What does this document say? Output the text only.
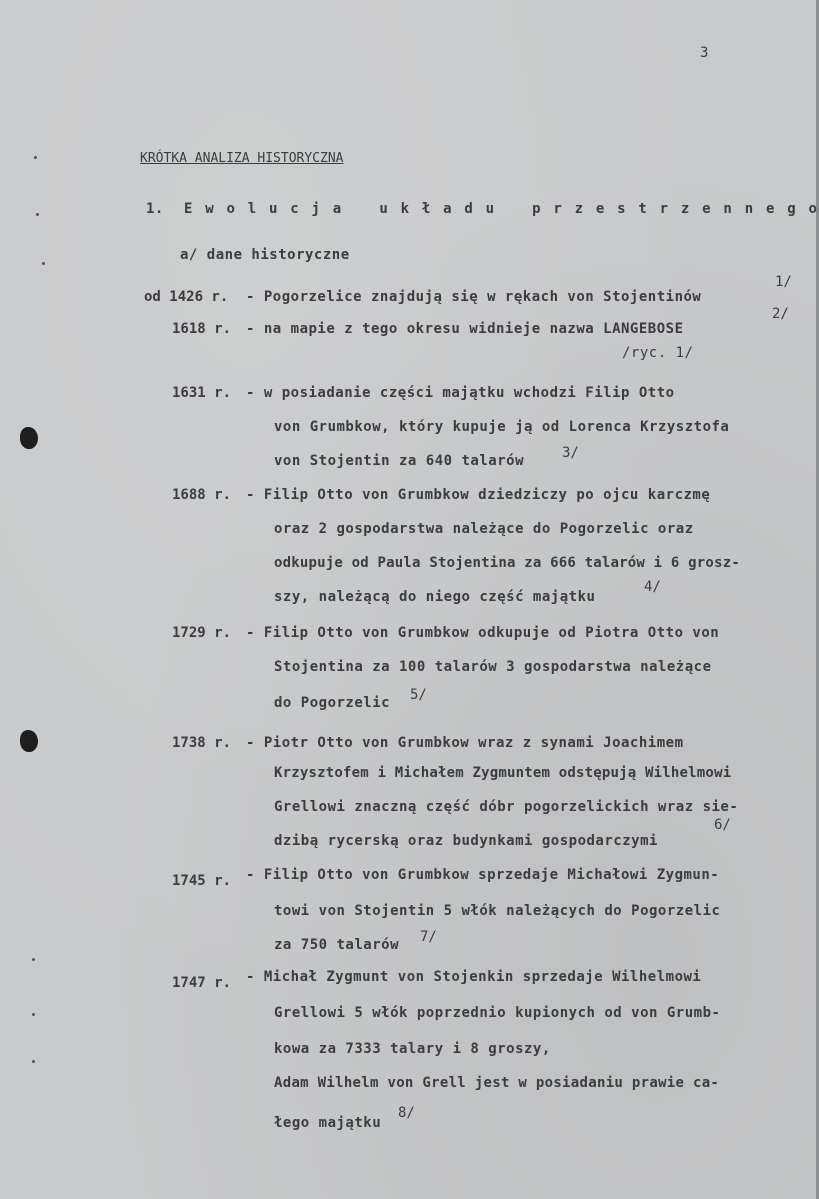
3
KRÓTKA ANALIZA HISTORYCZNA
1. E w o l u c j a   u k ł a d u   p r z e s t r z e n n e g o
a/ dane historyczne
od 1426 r. - Pogorzelice znajdują się w rękach von Stojentinów
1/
1618 r. - na mapie z tego okresu widnieje nazwa LANGEBOSE
/ryc. 1/
2/
1631 r. - w posiadanie części majątku wchodzi Filip Otto
von Grumbkow, który kupuje ją od Lorenca Krzysztofa
von Stojentin za 640 talarów	3/
1688 r. - Filip Otto von Grumbkow dziedziczy po ojcu karczmę
oraz 2 gospodarstwa należące do Pogorzelic oraz
odkupuje od Paula Stojentina za 666 talarów i 6 grosz-
szy, należącą do niego część majątku
4/
1729 r. - Filip Otto von Grumbkow odkupuje od Piotra Otto von
Stojentina za 100 talarów 3 gospodarstwa należące
do Pogorzelic 5/
1738 r. - Piotr Otto von Grumbkow wraz z synami Joachimem
Krzysztofem i Michałem Zygmuntem odstępują Wilhelmowi
Grellowi znaczną część dóbr pogorzelickich wraz sie-
dzibą rycerską oraz budynkami gospodarczymi
6/
1745 r. - Filip Otto von Grumbkow sprzedaje Michałowi Zygmun-
towi von Stojentin 5 włók należących do Pogorzelic
za 750 talarów 7/
1747 r. - Michał Zygmunt von Stojenkin sprzedaje Wilhelmowi
Grellowi 5 włók poprzednio kupionych od von Grumb-
kowa za 7333 talary i 8 groszy,
Adam Wilhelm von Grell jest w posiadaniu prawie ca-
łego majątku
8/
